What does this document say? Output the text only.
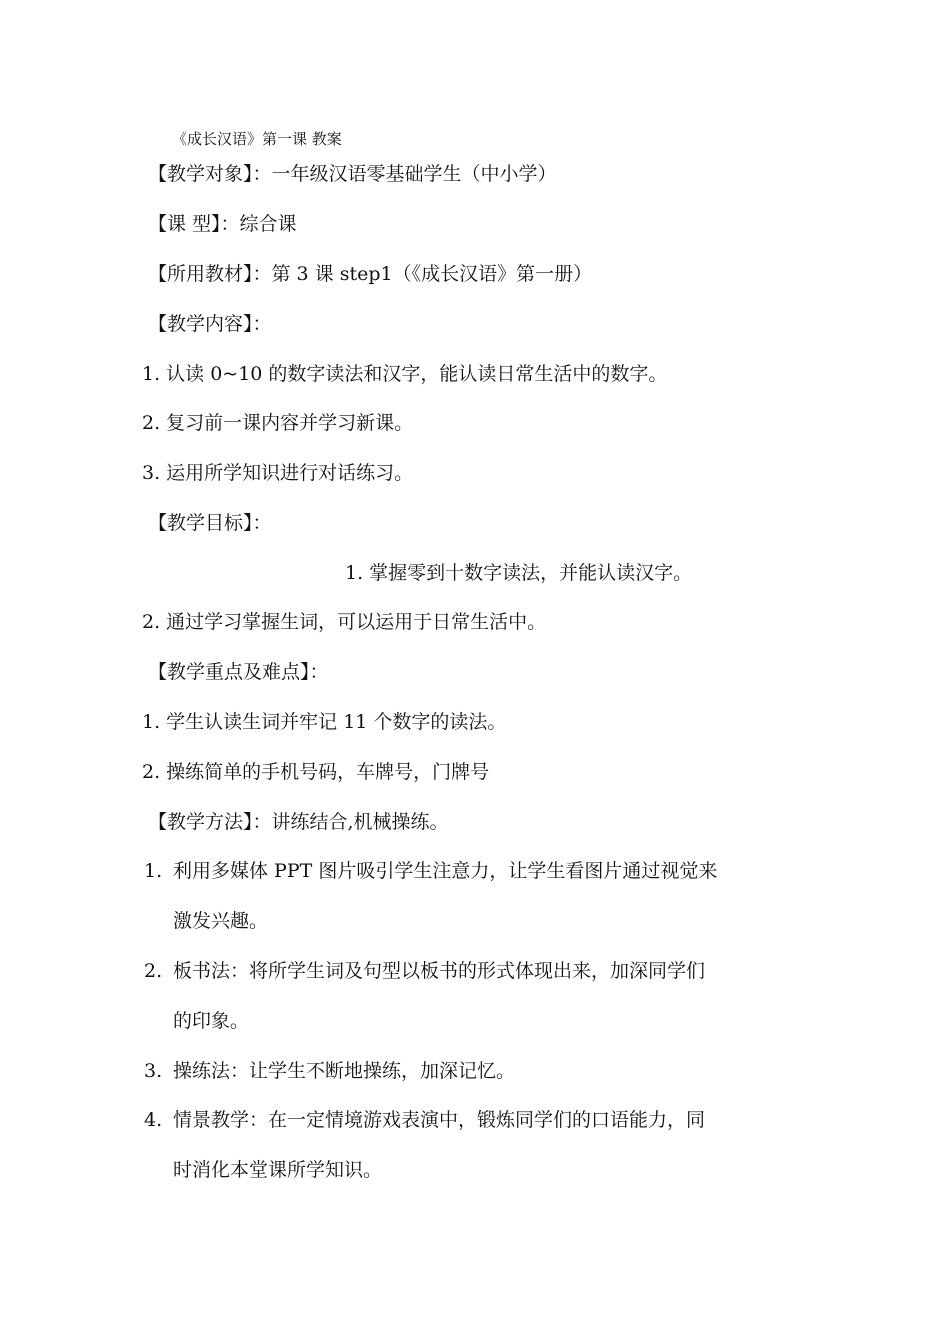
《成长汉语》第一课 教案
【教学对象】：一年级汉语零基础学生（中小学）
【课 型】：综合课
【所用教材】：第 3 课 step1（《成长汉语》第一册）
【教学内容】：
1. 认读 0~10 的数字读法和汉字，能认读日常生活中的数字。
2. 复习前一课内容并学习新课。
3. 运用所学知识进行对话练习。
【教学目标】：
1. 掌握零到十数字读法，并能认读汉字。
2. 通过学习掌握生词，可以运用于日常生活中。
【教学重点及难点】：
1. 学生认读生词并牢记 11 个数字的读法。
2. 操练简单的手机号码，车牌号，门牌号
【教学方法】：讲练结合,机械操练。
1. 利用多媒体 PPT 图片吸引学生注意力，让学生看图片通过视觉来
激发兴趣。
2. 板书法：将所学生词及句型以板书的形式体现出来，加深同学们
的印象。
3. 操练法：让学生不断地操练，加深记忆。
4. 情景教学：在一定情境游戏表演中，锻炼同学们的口语能力，同
时消化本堂课所学知识。
